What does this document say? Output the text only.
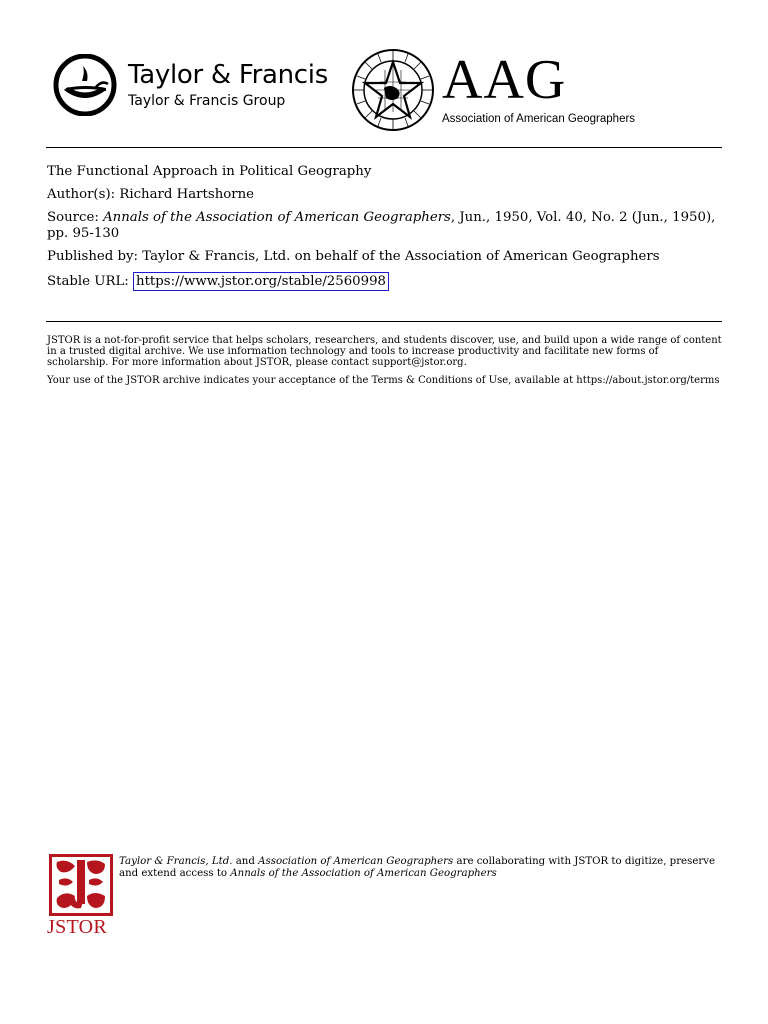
Taylor & Francis
Taylor & Francis Group	AAG
Association of American Geographers

The Functional Approach in Political Geography

Author(s): Richard Hartshorne

Source: Annals of the Association of American Geographers, Jun., 1950, Vol. 40, No. 2 (Jun., 1950), pp. 95-130

Published by: Taylor & Francis, Ltd. on behalf of the Association of American Geographers

Stable URL: https://www.jstor.org/stable/2560998

JSTOR is a not-for-profit service that helps scholars, researchers, and students discover, use, and build upon a wide range of content in a trusted digital archive. We use information technology and tools to increase productivity and facilitate new forms of scholarship. For more information about JSTOR, please contact support@jstor.org.

Your use of the JSTOR archive indicates your acceptance of the Terms & Conditions of Use, available at https://about.jstor.org/terms

JSTOR
Taylor & Francis, Ltd. and Association of American Geographers are collaborating with JSTOR to digitize, preserve and extend access to Annals of the Association of American Geographers
